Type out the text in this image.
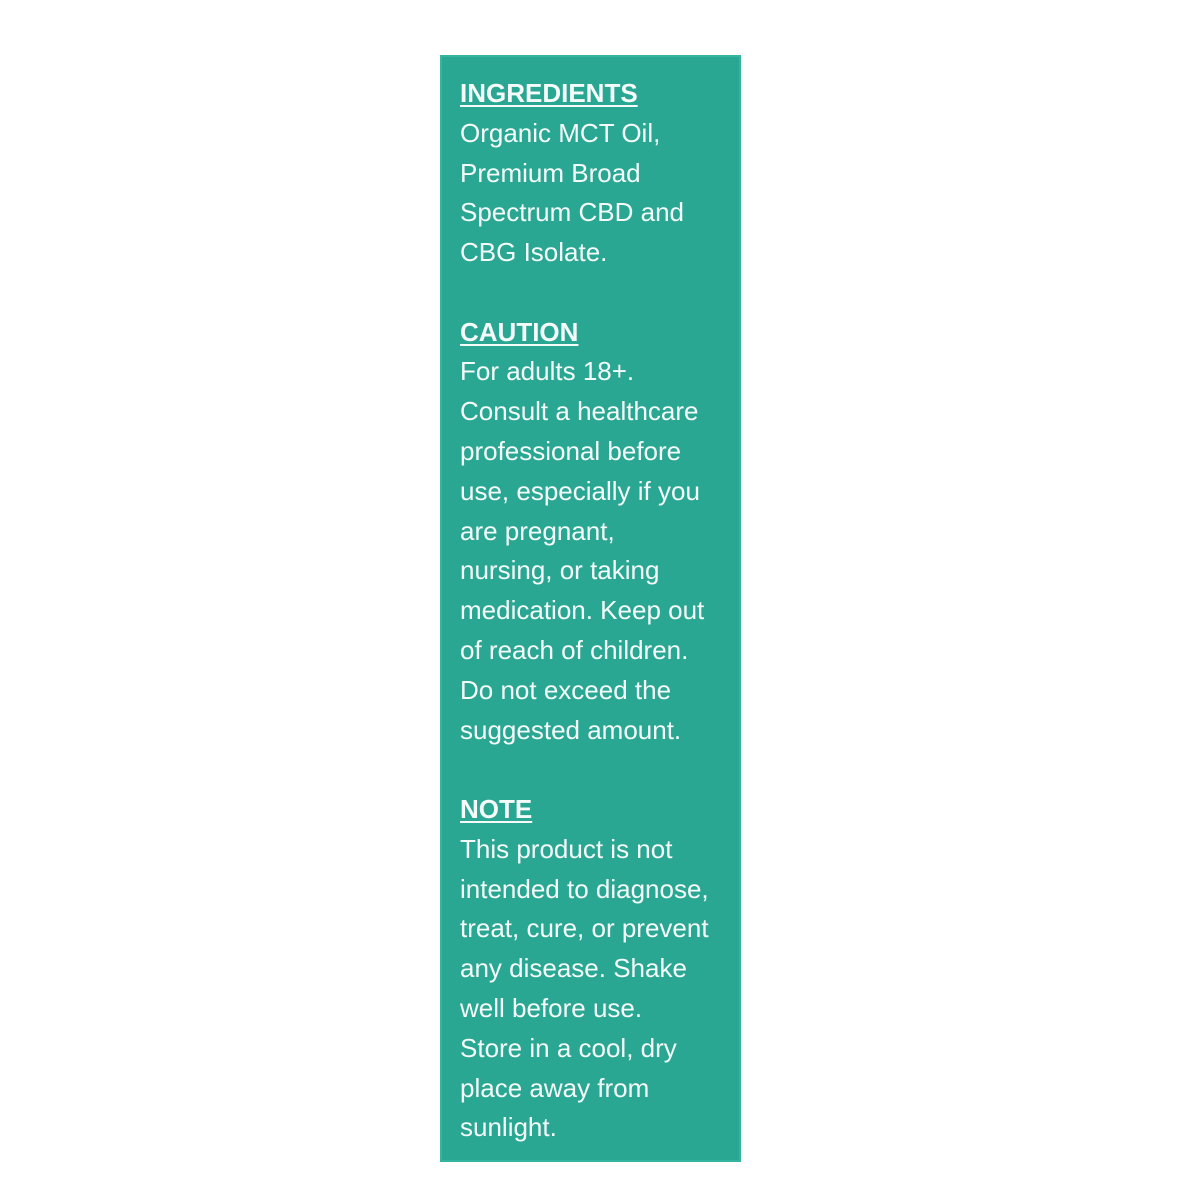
INGREDIENTS
Organic MCT Oil,
Premium Broad
Spectrum CBD and
CBG Isolate.
CAUTION
For adults 18+.
Consult a healthcare
professional before
use, especially if you
are pregnant,
nursing, or taking
medication. Keep out
of reach of children.
Do not exceed the
suggested amount.
NOTE
This product is not
intended to diagnose,
treat, cure, or prevent
any disease. Shake
well before use.
Store in a cool, dry
place away from
sunlight.
